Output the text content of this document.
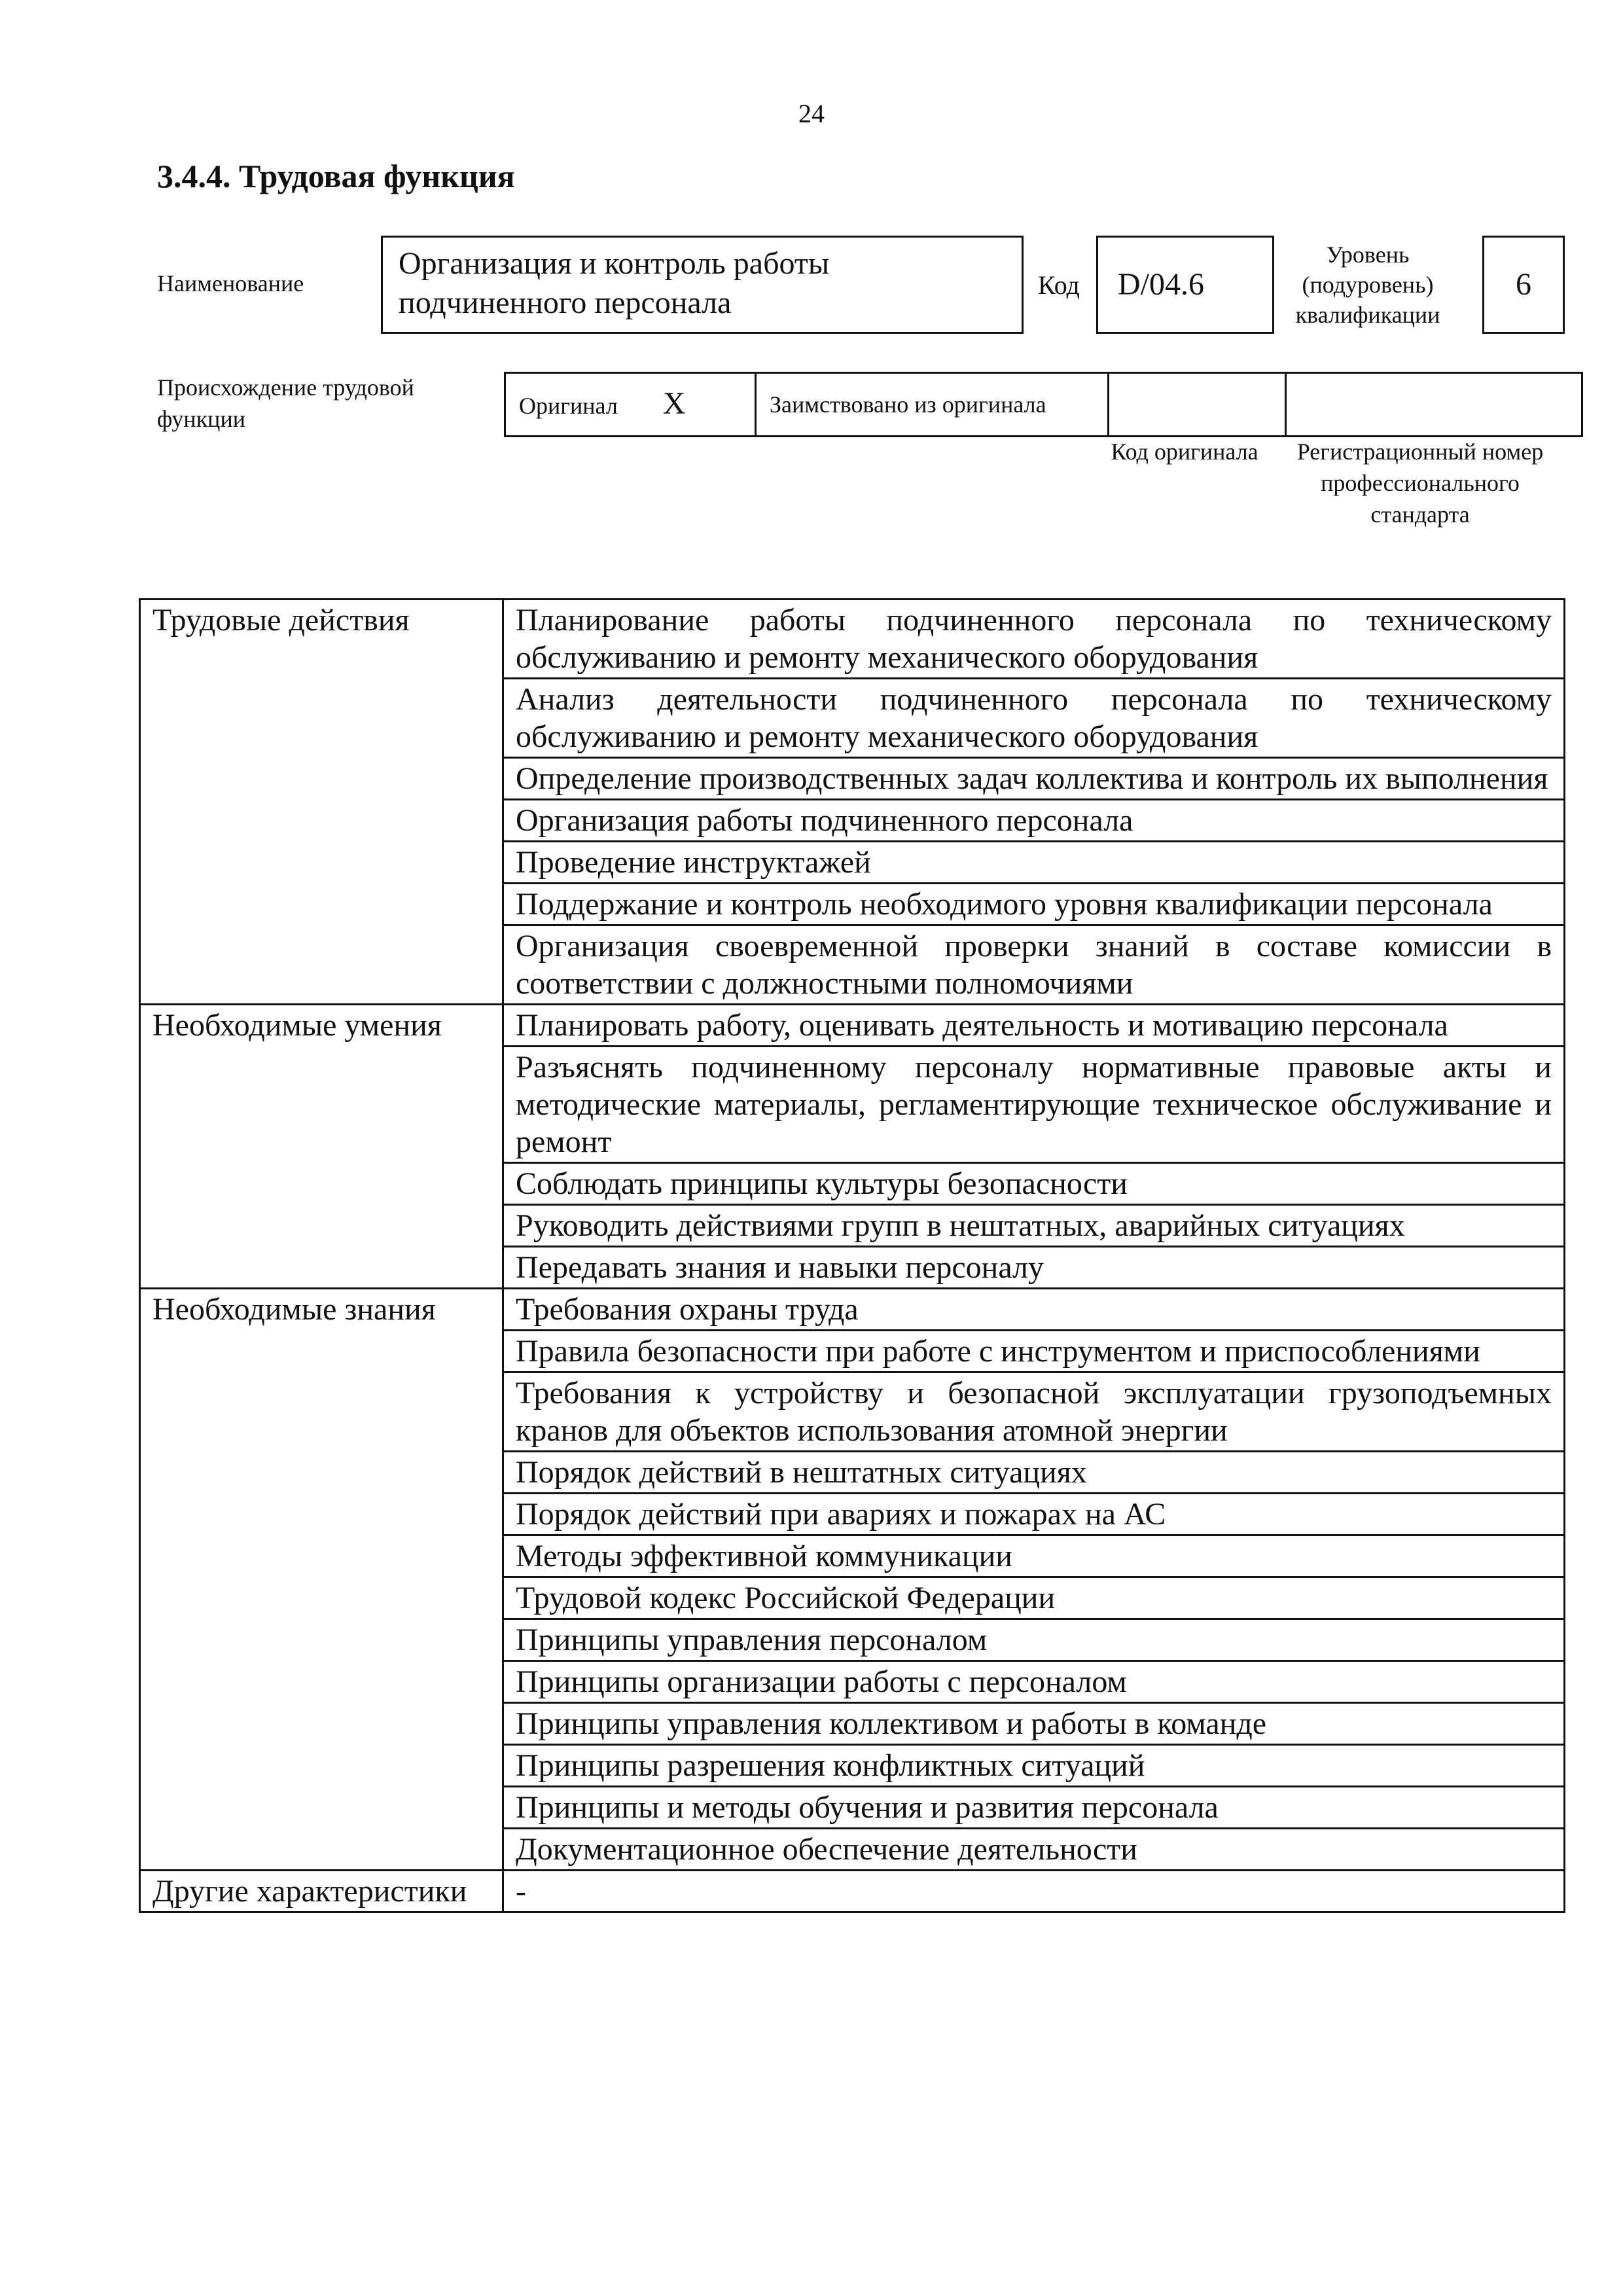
24
3.4.4. Трудовая функция
Наименование
Организация и контроль работы подчиненного персонала
Код	D/04.6
Уровень (подуровень) квалификации
6
Происхождение трудовой функции
Оригинал X	Заимствовано из оригинала		
Код оригинала	Регистрационный номер профессионального стандарта
Трудовые действия	Планирование работы подчиненного персонала по техническому обслуживанию и ремонту механического оборудования
	Анализ деятельности подчиненного персонала по техническому обслуживанию и ремонту механического оборудования
	Определение производственных задач коллектива и контроль их выполнения
	Организация работы подчиненного персонала
	Проведение инструктажей
	Поддержание и контроль необходимого уровня квалификации персонала
	Организация своевременной проверки знаний в составе комиссии в соответствии с должностными полномочиями
Необходимые умения	Планировать работу, оценивать деятельность и мотивацию персонала
	Разъяснять подчиненному персоналу нормативные правовые акты и методические материалы, регламентирующие техническое обслуживание и ремонт
	Соблюдать принципы культуры безопасности
	Руководить действиями групп в нештатных, аварийных ситуациях
	Передавать знания и навыки персоналу
Необходимые знания	Требования охраны труда
	Правила безопасности при работе с инструментом и приспособлениями
	Требования к устройству и безопасной эксплуатации грузоподъемных кранов для объектов использования атомной энергии
	Порядок действий в нештатных ситуациях
	Порядок действий при авариях и пожарах на АС
	Методы эффективной коммуникации
	Трудовой кодекс Российской Федерации
	Принципы управления персоналом
	Принципы организации работы с персоналом
	Принципы управления коллективом и работы в команде
	Принципы разрешения конфликтных ситуаций
	Принципы и методы обучения и развития персонала
	Документационное обеспечение деятельности
Другие характеристики	-
